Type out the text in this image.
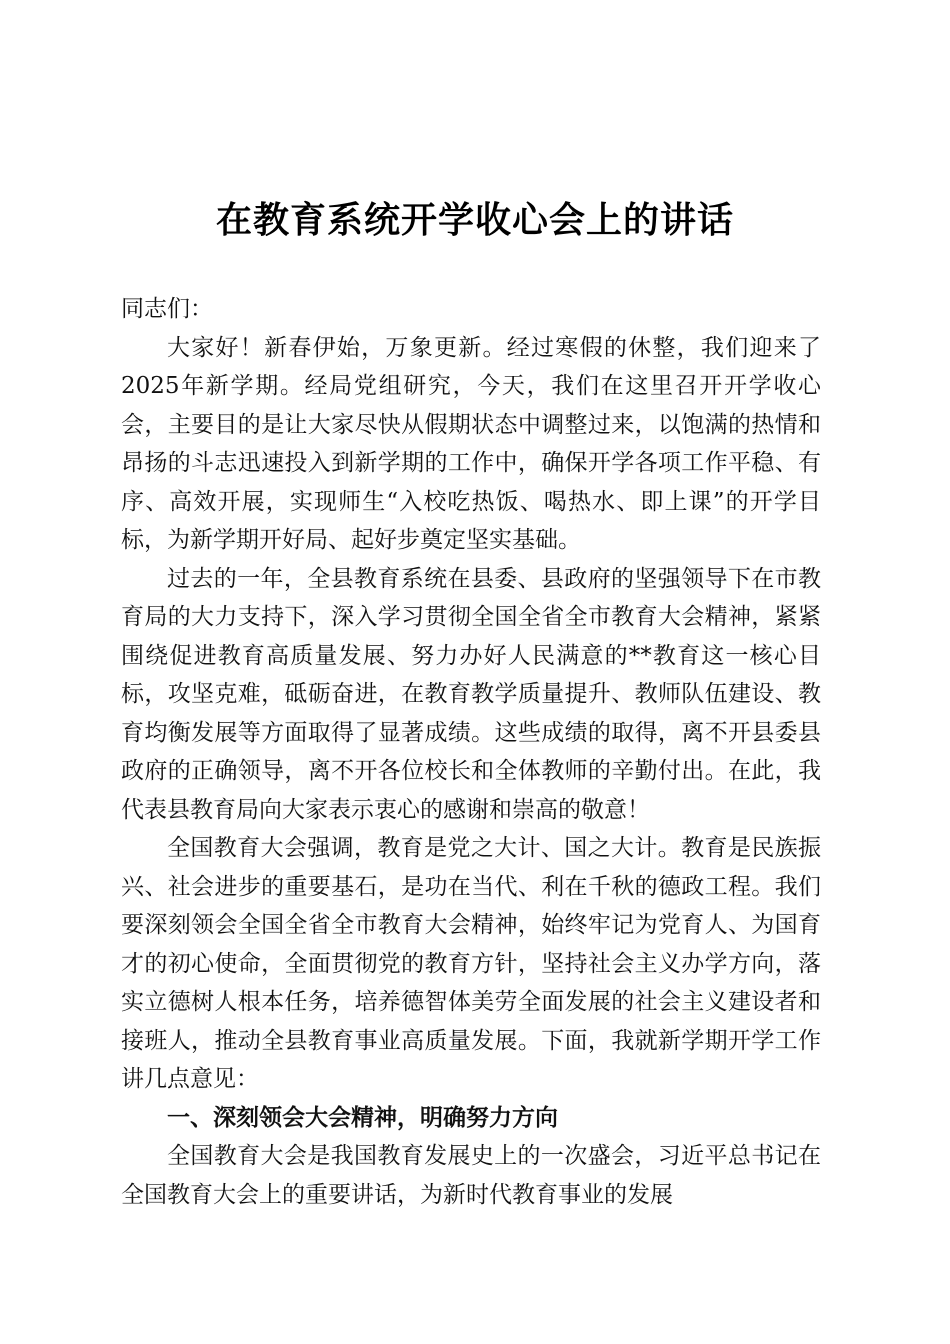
在教育系统开学收心会上的讲话

同志们：

大家好！新春伊始，万象更新。经过寒假的休整，我们迎来了2025年新学期。经局党组研究，今天，我们在这里召开开学收心会，主要目的是让大家尽快从假期状态中调整过来，以饱满的热情和昂扬的斗志迅速投入到新学期的工作中，确保开学各项工作平稳、有序、高效开展，实现师生“入校吃热饭、喝热水、即上课”的开学目标，为新学期开好局、起好步奠定坚实基础。

过去的一年，全县教育系统在县委、县政府的坚强领导下在市教育局的大力支持下，深入学习贯彻全国全省全市教育大会精神，紧紧围绕促进教育高质量发展、努力办好人民满意的**教育这一核心目标，攻坚克难，砥砺奋进，在教育教学质量提升、教师队伍建设、教育均衡发展等方面取得了显著成绩。这些成绩的取得，离不开县委县政府的正确领导，离不开各位校长和全体教师的辛勤付出。在此，我代表县教育局向大家表示衷心的感谢和崇高的敬意！

全国教育大会强调，教育是党之大计、国之大计。教育是民族振兴、社会进步的重要基石，是功在当代、利在千秋的德政工程。我们要深刻领会全国全省全市教育大会精神，始终牢记为党育人、为国育才的初心使命，全面贯彻党的教育方针，坚持社会主义办学方向，落实立德树人根本任务，培养德智体美劳全面发展的社会主义建设者和接班人，推动全县教育事业高质量发展。下面，我就新学期开学工作讲几点意见：

一、深刻领会大会精神，明确努力方向

全国教育大会是我国教育发展史上的一次盛会，习近平总书记在全国教育大会上的重要讲话，为新时代教育事业的发展
